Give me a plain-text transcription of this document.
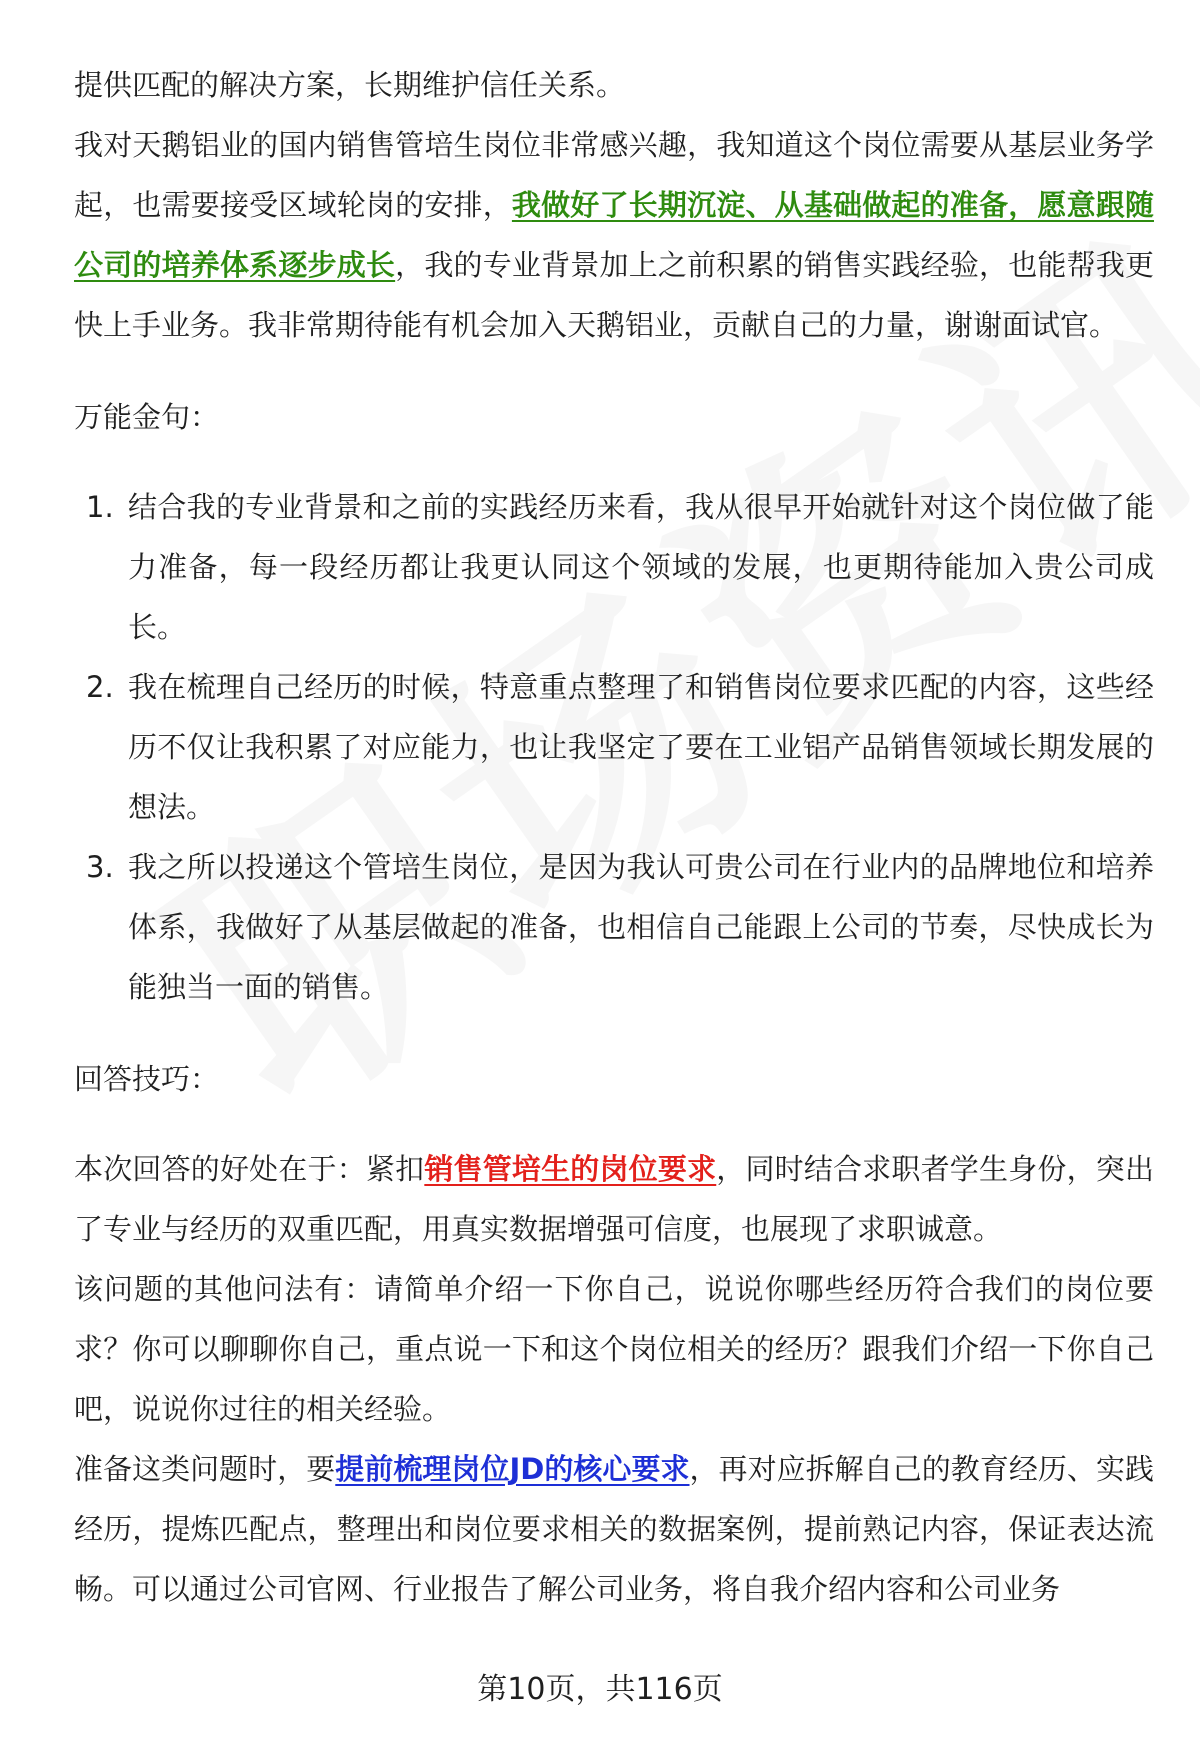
提供匹配的解决方案，长期维护信任关系。

我对天鹅铝业的国内销售管培生岗位非常感兴趣，我知道这个岗位需要从基层业务学起，也需要接受区域轮岗的安排，我做好了长期沉淀、从基础做起的准备，愿意跟随公司的培养体系逐步成长，我的专业背景加上之前积累的销售实践经验，也能帮我更快上手业务。我非常期待能有机会加入天鹅铝业，贡献自己的力量，谢谢面试官。

万能金句：

1. 结合我的专业背景和之前的实践经历来看，我从很早开始就针对这个岗位做了能力准备，每一段经历都让我更认同这个领域的发展，也更期待能加入贵公司成长。
2. 我在梳理自己经历的时候，特意重点整理了和销售岗位要求匹配的内容，这些经历不仅让我积累了对应能力，也让我坚定了要在工业铝产品销售领域长期发展的想法。
3. 我之所以投递这个管培生岗位，是因为我认可贵公司在行业内的品牌地位和培养体系，我做好了从基层做起的准备，也相信自己能跟上公司的节奏，尽快成长为能独当一面的销售。

回答技巧：

本次回答的好处在于：紧扣销售管培生的岗位要求，同时结合求职者学生身份，突出了专业与经历的双重匹配，用真实数据增强可信度，也展现了求职诚意。

该问题的其他问法有：请简单介绍一下你自己，说说你哪些经历符合我们的岗位要求？你可以聊聊你自己，重点说一下和这个岗位相关的经历？跟我们介绍一下你自己吧，说说你过往的相关经验。

准备这类问题时，要提前梳理岗位JD的核心要求，再对应拆解自己的教育经历、实践经历，提炼匹配点，整理出和岗位要求相关的数据案例，提前熟记内容，保证表达流畅。可以通过公司官网、行业报告了解公司业务，将自我介绍内容和公司业务

第10页，共116页
